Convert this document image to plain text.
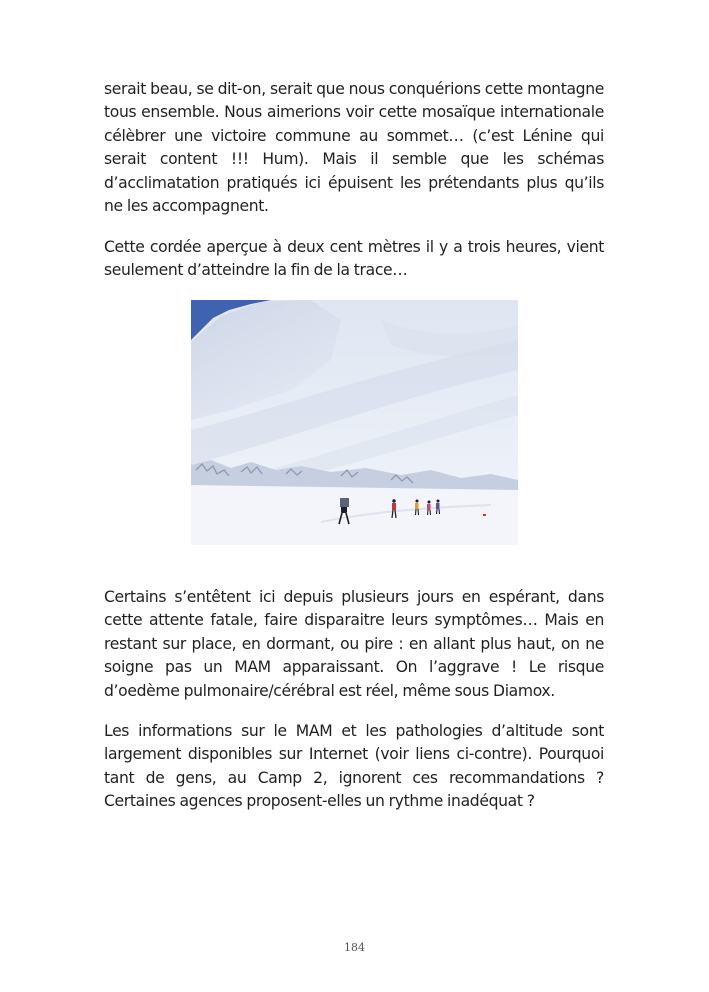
serait beau, se dit-on, serait que nous conquérions cette montagne tous ensemble. Nous aimerions voir cette mosaïque internationale célèbrer une victoire commune au sommet… (c’est Lénine qui serait content !!! Hum). Mais il semble que les schémas d’acclimatation pratiqués ici épuisent les prétendants plus qu’ils ne les accompagnent.

Cette cordée aperçue à deux cent mètres il y a trois heures, vient seulement d’atteindre la fin de la trace…

Certains s’entêtent ici depuis plusieurs jours en espérant, dans cette attente fatale, faire disparaitre leurs symptômes… Mais en restant sur place, en dormant, ou pire : en allant plus haut, on ne soigne pas un MAM apparaissant. On l’aggrave ! Le risque d’oedème pulmonaire/cérébral est réel, même sous Diamox.

Les informations sur le MAM et les pathologies d’altitude sont largement disponibles sur Internet (voir liens ci-contre). Pourquoi tant de gens, au Camp 2, ignorent ces recommandations ? Certaines agences proposent-elles un rythme inadéquat ?

184
